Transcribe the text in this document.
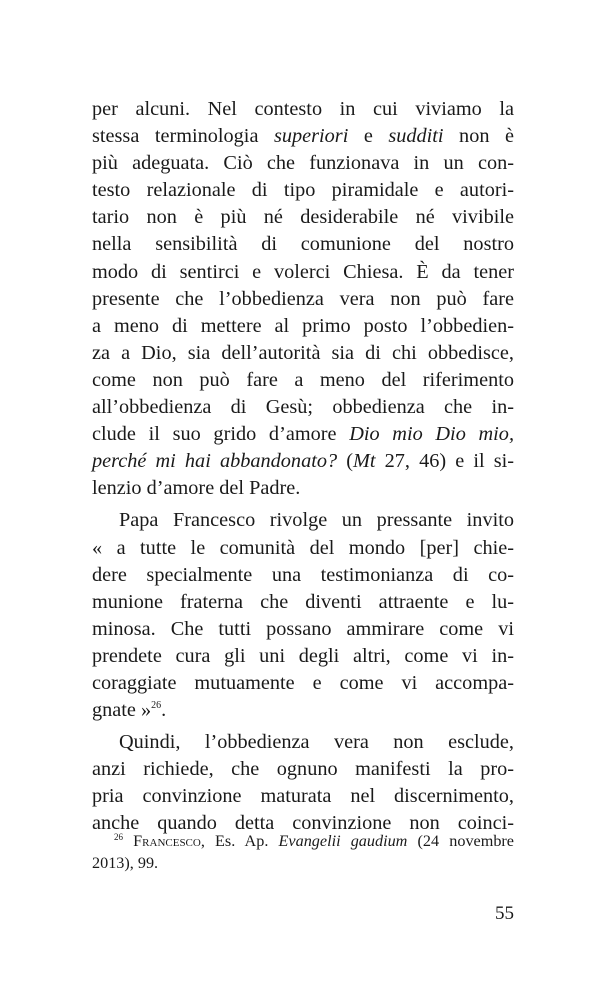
per alcuni. Nel contesto in cui viviamo la
stessa terminologia superiori e sudditi non è
più adeguata. Ciò che funzionava in un con-
testo relazionale di tipo piramidale e autori-
tario non è più né desiderabile né vivibile
nella sensibilità di comunione del nostro
modo di sentirci e volerci Chiesa. È da tener
presente che l’obbedienza vera non può fare
a meno di mettere al primo posto l’obbedien-
za a Dio, sia dell’autorità sia di chi obbedisce,
come non può fare a meno del riferimento
all’obbedienza di Gesù; obbedienza che in-
clude il suo grido d’amore Dio mio Dio mio,
perché mi hai abbandonato? (Mt 27, 46) e il si-
lenzio d’amore del Padre.
Papa Francesco rivolge un pressante invito
« a tutte le comunità del mondo [per] chie-
dere specialmente una testimonianza di co-
munione fraterna che diventi attraente e lu-
minosa. Che tutti possano ammirare come vi
prendete cura gli uni degli altri, come vi in-
coraggiate mutuamente e come vi accompa-
gnate »$^{26}$.
Quindi, l’obbedienza vera non esclude,
anzi richiede, che ognuno manifesti la pro-
pria convinzione maturata nel discernimento,
anche quando detta convinzione non coinci-
$^{26}$ Francesco, Es. Ap. Evangelii gaudium (24 novembre
2013), 99.
55
